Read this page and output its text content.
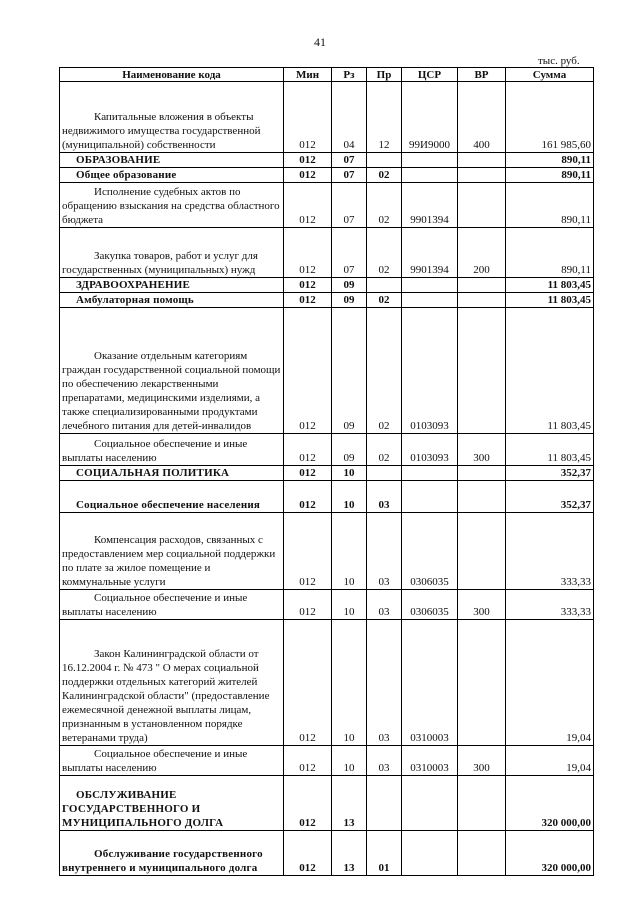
41
тыс. руб.
Наименование кода	Мин	Рз	Пр	ЦСР	ВР	Сумма
Капитальные вложения в объекты недвижимого имущества государственной (муниципальной) собственности	012	04	12	99И9000	400	161 985,60
ОБРАЗОВАНИЕ	012	07				890,11
Общее образование	012	07	02			890,11
Исполнение судебных актов по обращению взыскания на средства областного бюджета	012	07	02	9901394		890,11
Закупка товаров, работ и услуг для государственных (муниципальных) нужд	012	07	02	9901394	200	890,11
ЗДРАВООХРАНЕНИЕ	012	09				11 803,45
Амбулаторная помощь	012	09	02			11 803,45
Оказание отдельным категориям граждан государственной социальной помощи по обеспечению лекарственными препаратами, медицинскими изделиями, а также специализированными продуктами лечебного питания для детей-инвалидов	012	09	02	0103093		11 803,45
Социальное обеспечение и иные выплаты населению	012	09	02	0103093	300	11 803,45
СОЦИАЛЬНАЯ ПОЛИТИКА	012	10				352,37
Социальное обеспечение населения	012	10	03			352,37
Компенсация расходов, связанных с предоставлением мер социальной поддержки по плате за жилое помещение и коммунальные услуги	012	10	03	0306035		333,33
Социальное обеспечение и иные выплаты населению	012	10	03	0306035	300	333,33
Закон Калининградской области от 16.12.2004 г. № 473 " О мерах социальной поддержки отдельных категорий жителей Калининградской области" (предоставление ежемесячной денежной выплаты лицам, признанным в установленном порядке ветеранами труда)	012	10	03	0310003		19,04
Социальное обеспечение и иные выплаты населению	012	10	03	0310003	300	19,04
ОБСЛУЖИВАНИЕ ГОСУДАРСТВЕННОГО И МУНИЦИПАЛЬНОГО ДОЛГА	012	13				320 000,00
Обслуживание государственного внутреннего и муниципального долга	012	13	01			320 000,00
